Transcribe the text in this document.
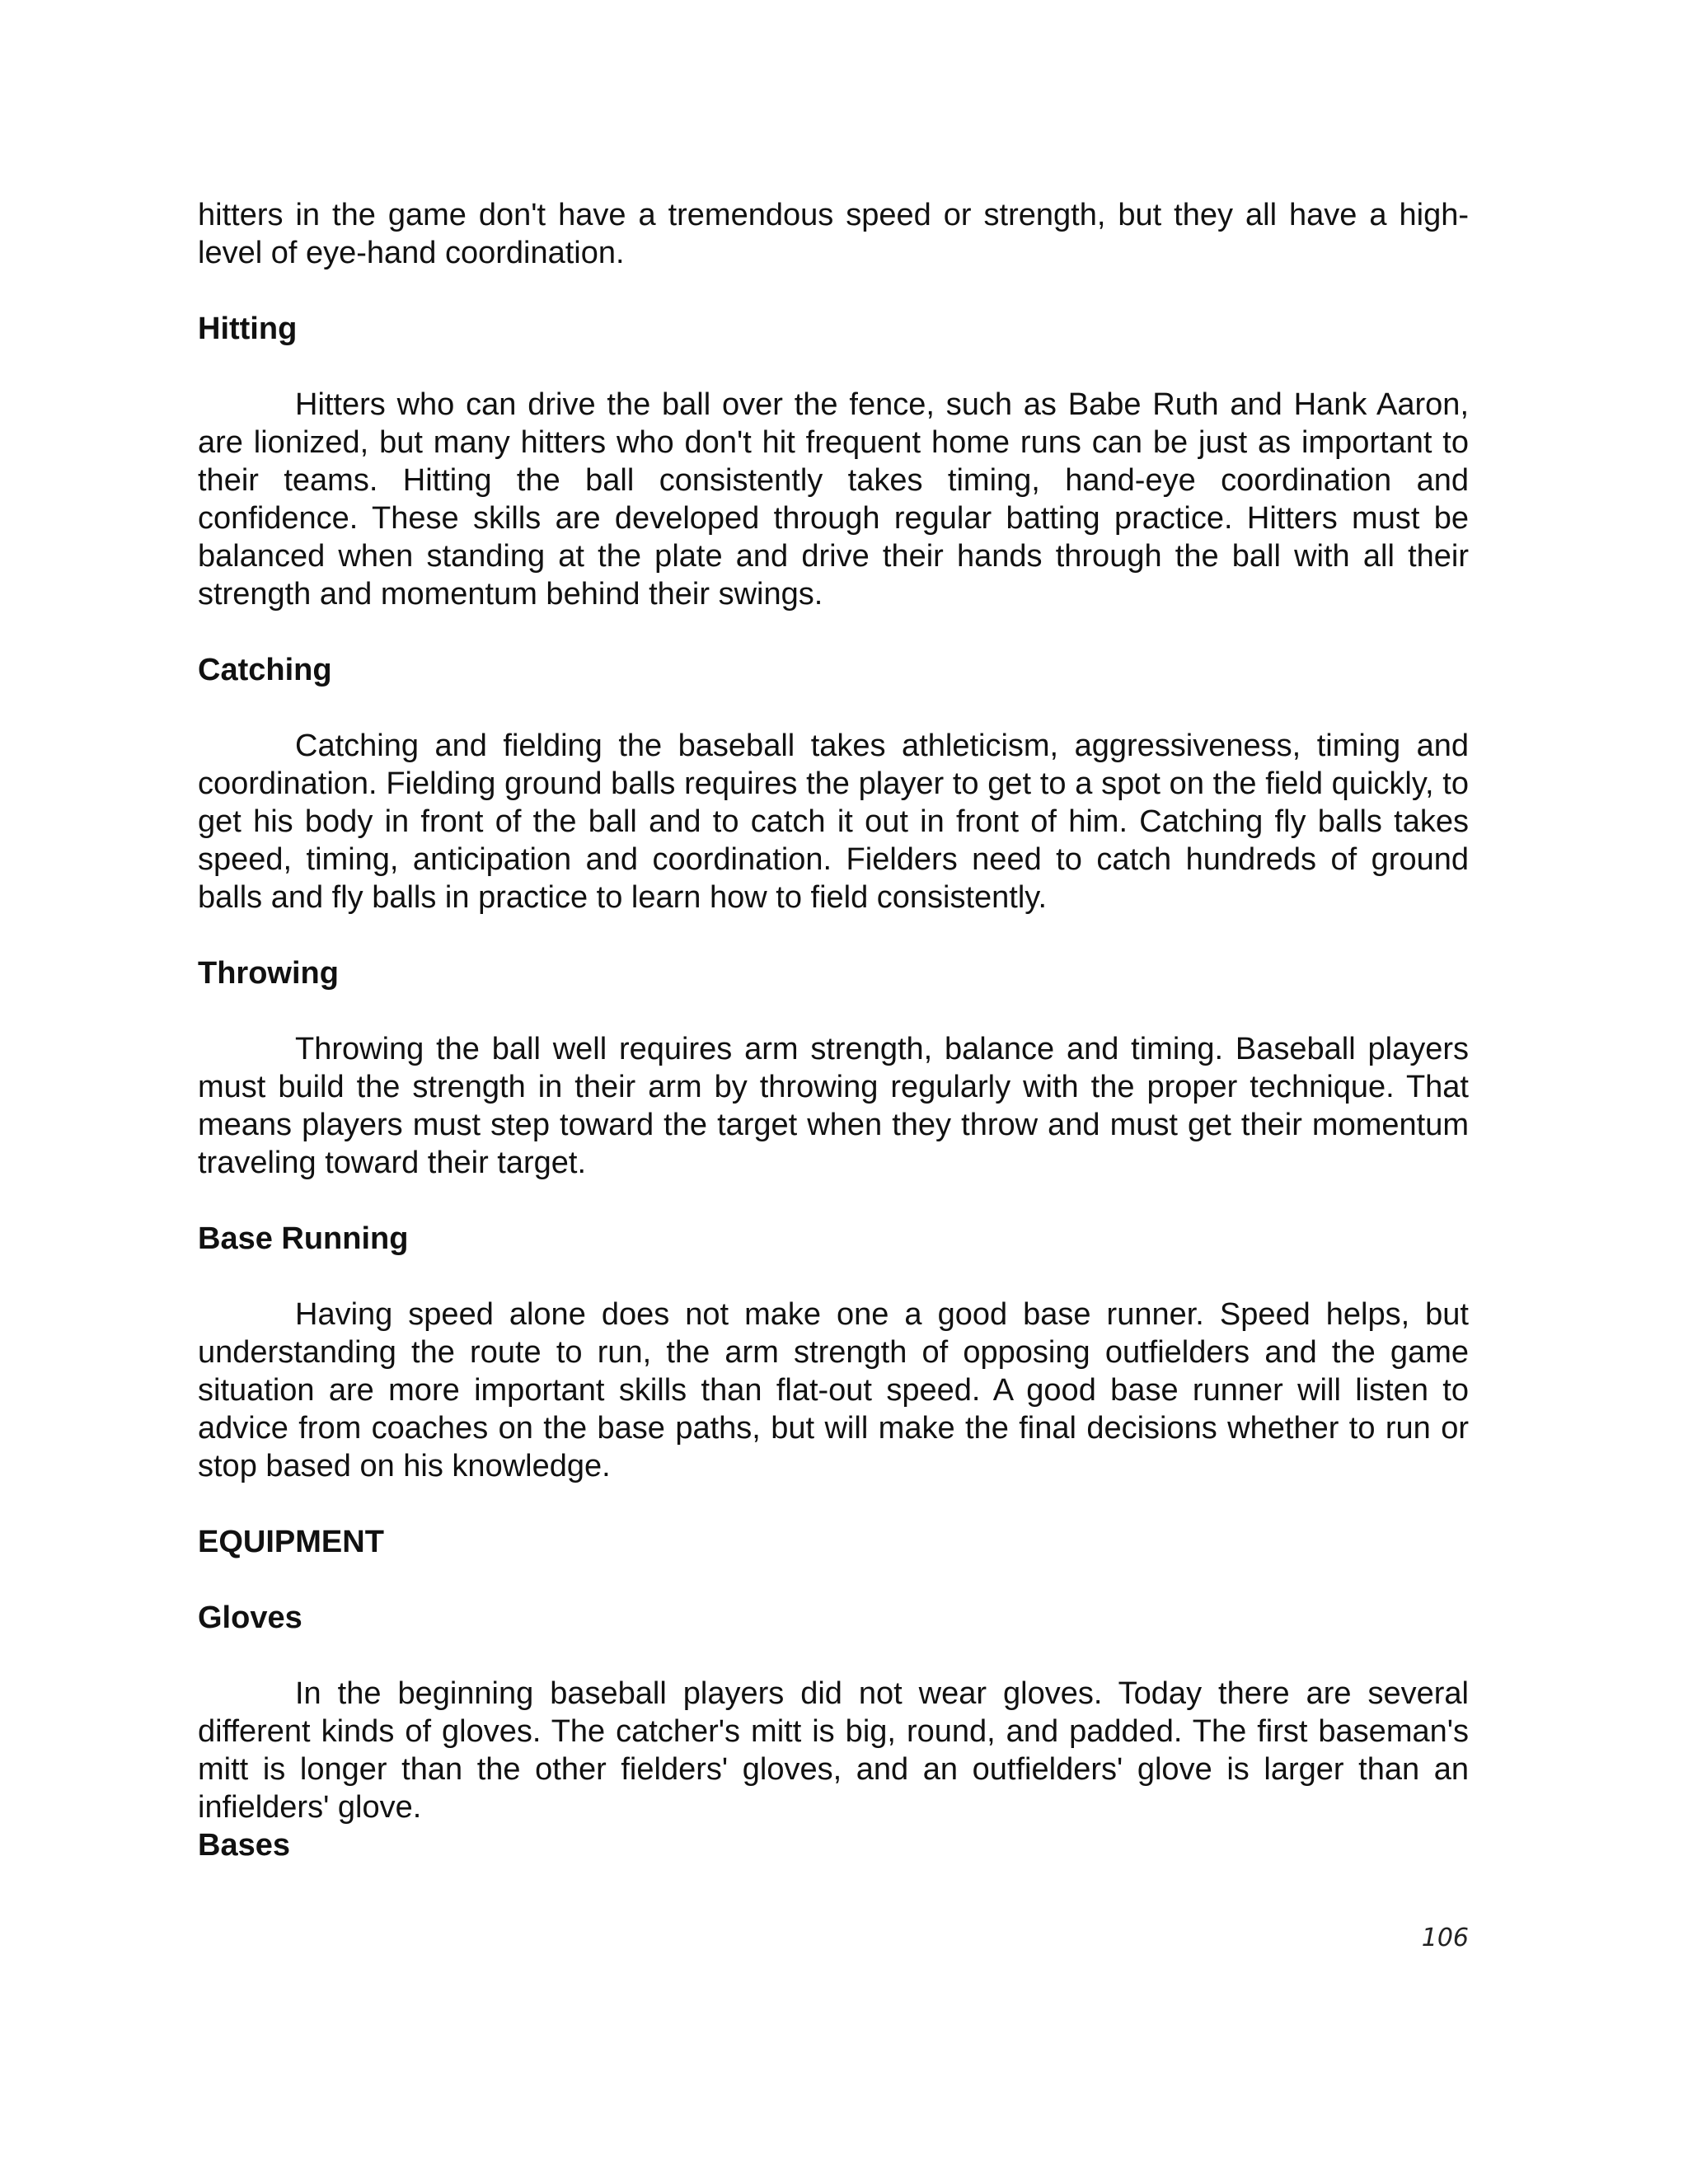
hitters in the game don't have a tremendous speed or strength, but they all have a high-level of eye-hand coordination.

Hitting

Hitters who can drive the ball over the fence, such as Babe Ruth and Hank Aaron, are lionized, but many hitters who don't hit frequent home runs can be just as important to their teams. Hitting the ball consistently takes timing, hand-eye coordination and confidence. These skills are developed through regular batting practice. Hitters must be balanced when standing at the plate and drive their hands through the ball with all their strength and momentum behind their swings.

Catching

Catching and fielding the baseball takes athleticism, aggressiveness, timing and coordination. Fielding ground balls requires the player to get to a spot on the field quickly, to get his body in front of the ball and to catch it out in front of him. Catching fly balls takes speed, timing, anticipation and coordination. Fielders need to catch hundreds of ground balls and fly balls in practice to learn how to field consistently.

Throwing

Throwing the ball well requires arm strength, balance and timing. Baseball players must build the strength in their arm by throwing regularly with the proper technique. That means players must step toward the target when they throw and must get their momentum traveling toward their target.

Base Running

Having speed alone does not make one a good base runner. Speed helps, but understanding the route to run, the arm strength of opposing outfielders and the game situation are more important skills than flat-out speed. A good base runner will listen to advice from coaches on the base paths, but will make the final decisions whether to run or stop based on his knowledge.

EQUIPMENT
Gloves

In the beginning baseball players did not wear gloves. Today there are several different kinds of gloves. The catcher's mitt is big, round, and padded. The first baseman's mitt is longer than the other fielders' gloves, and an outfielders' glove is larger than an infielders' glove.

Bases
106
